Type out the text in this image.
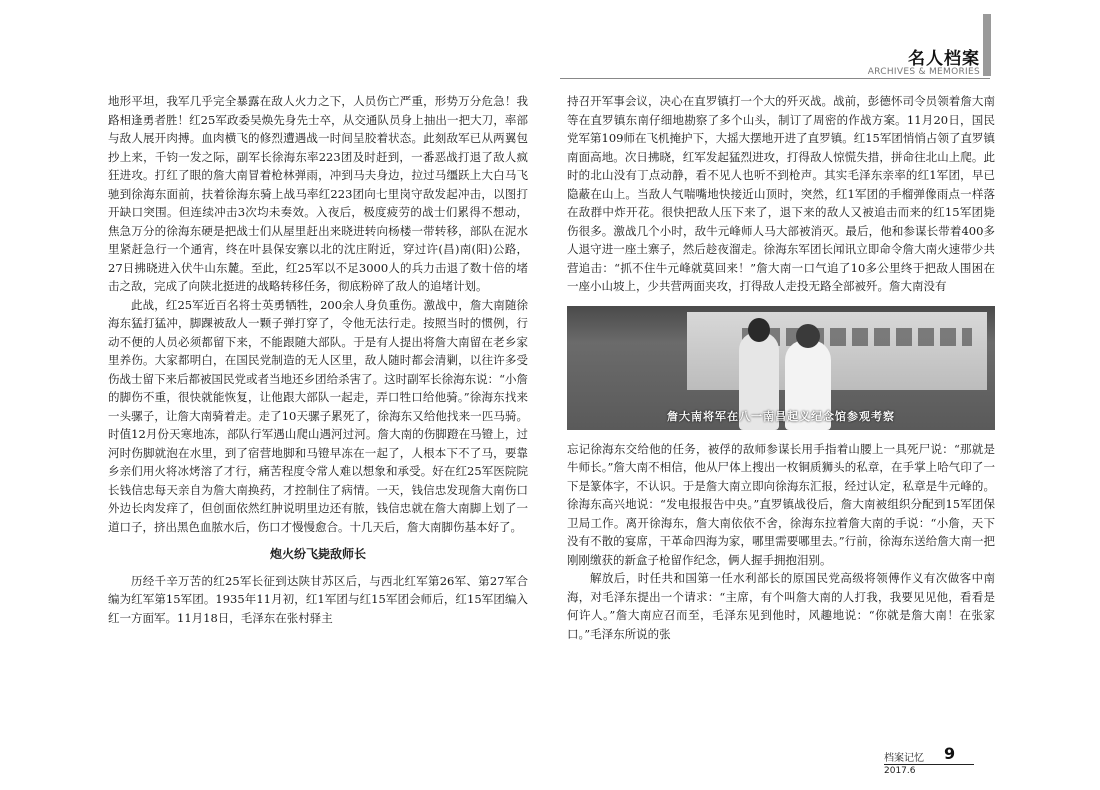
名人档案
ARCHIVES & MEMORIES

地形平坦，我军几乎完全暴露在敌人火力之下，人员伤亡严重，形势万分危急！我路相逢勇者胜！红25军政委吴焕先身先士卒，从交通队员身上抽出一把大刀，率部与敌人展开肉搏。血肉横飞的修烈遭遇战一时间呈胶着状态。此刻敌军已从两翼包抄上来，千钧一发之际，副军长徐海东率223团及时赶到，一番恶战打退了敌人疯狂进攻。打红了眼的詹大南冒着枪林弹雨，冲到马夫身边，拉过马缰跃上大白马飞驰到徐海东面前，扶着徐海东骑上战马率红223团向七里岗守敌发起冲击，以图打开缺口突围。但连续冲击3次均未奏效。入夜后，极度疲劳的战士们累得不想动，焦急万分的徐海东硬是把战士们从屋里赶出来晓进转向杨楼一带转移，部队在泥水里紧赶急行一个通宵，终在叶县保安寨以北的沈庄附近，穿过许(昌)南(阳)公路，27日拂晓进入伏牛山东麓。至此，红25军以不足3000人的兵力击退了数十倍的堵击之敌，完成了向陕北挺进的战略转移任务，彻底粉碎了敌人的追堵计划。

此战，红25军近百名将士英勇牺牲，200余人身负重伤。激战中，詹大南随徐海东猛打猛冲，脚踝被敌人一颗子弹打穿了，令他无法行走。按照当时的惯例，行动不便的人员必须都留下来，不能跟随大部队。于是有人提出将詹大南留在老乡家里养伤。大家都明白，在国民党制造的无人区里，敌人随时都会清剿，以往许多受伤战士留下来后都被国民党或者当地还乡团给杀害了。这时副军长徐海东说：“小詹的脚伤不重，很快就能恢复，让他跟大部队一起走，弄口牲口给他骑。”徐海东找来一头骡子，让詹大南骑着走。走了10天骡子累死了，徐海东又给他找来一匹马骑。时值12月份天寒地冻，部队行军遇山爬山遇河过河。詹大南的伤脚蹬在马镫上，过河时伤脚就泡在水里，到了宿营地脚和马镫早冻在一起了，人根本下不了马，要靠乡亲们用火将冰烤溶了才行，痛苦程度令常人难以想象和承受。好在红25军医院院长钱信忠每天亲自为詹大南换药，才控制住了病情。一天，钱信忠发现詹大南伤口外边长肉发痒了，但创面依然红肿说明里边还有脓，钱信忠就在詹大南脚上划了一道口子，挤出黑色血脓水后，伤口才慢慢愈合。十几天后，詹大南脚伤基本好了。

炮火纷飞毙敌师长

历经千辛万苦的红25军长征到达陕甘苏区后，与西北红军第26军、第27军合编为红军第15军团。1935年11月初，红1军团与红15军团会师后，红15军团编入红一方面军。11月18日，毛泽东在张村驿主

持召开军事会议，决心在直罗镇打一个大的歼灭战。战前，彭德怀司令员领着詹大南等在直罗镇东南仔细地勘察了多个山头，制订了周密的作战方案。11月20日，国民党军第109师在飞机掩护下，大摇大摆地开进了直罗镇。红15军团悄悄占领了直罗镇南面高地。次日拂晓，红军发起猛烈进攻，打得敌人惊慌失措，拼命往北山上爬。此时的北山没有丁点动静，看不见人也听不到枪声。其实毛泽东亲率的红1军团，早已隐蔽在山上。当敌人气喘嘴地快接近山顶时，突然，红1军团的手榴弹像雨点一样落在敌群中炸开花。很快把敌人压下来了，退下来的敌人又被追击而来的红15军团毙伤很多。激战几个小时，敌牛元峰师人马大部被消灭。最后，他和参谋长带着400多人退守进一座土寨子，然后趁夜溜走。徐海东军团长闻讯立即命令詹大南火速带少共营追击：“抓不住牛元峰就莫回来！”詹大南一口气追了10多公里终于把敌人围困在一座小山坡上，少共营两面夹攻，打得敌人走投无路全部被歼。詹大南没有

詹大南将军在八一南昌起义纪念馆参观考察

忘记徐海东交给他的任务，被俘的敌师参谋长用手指着山腰上一具死尸说：“那就是牛师长。”詹大南不相信，他从尸体上搜出一枚铜质狮头的私章，在手掌上哈气印了一下是篆体字，不认识。于是詹大南立即向徐海东汇报，经过认定，私章是牛元峰的。徐海东高兴地说：“发电报报告中央。”直罗镇战役后，詹大南被组织分配到15军团保卫局工作。离开徐海东，詹大南依依不舍，徐海东拉着詹大南的手说：“小詹，天下没有不散的宴席，干革命四海为家，哪里需要哪里去。”行前，徐海东送给詹大南一把刚刚缴获的新盒子枪留作纪念，俩人握手拥抱泪别。

解放后，时任共和国第一任水利部长的原国民党高级将领傅作义有次做客中南海，对毛泽东提出一个请求：“主席，有个叫詹大南的人打我，我要见见他，看看是何许人。”詹大南应召而至，毛泽东见到他时，风趣地说：“你就是詹大南！在张家口。”毛泽东所说的张

档案记忆 9
2017.6
